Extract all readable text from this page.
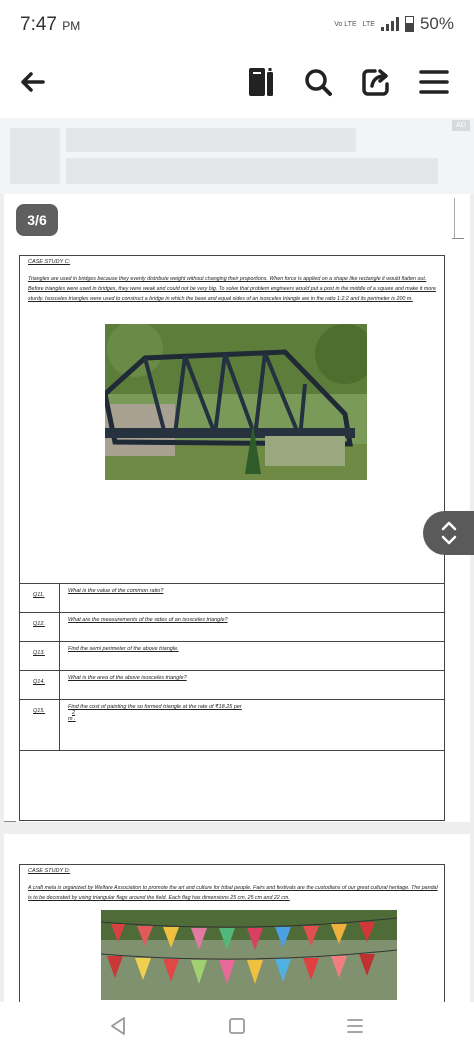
7:47 PM	Vo LTE LTE	50%
AD
3/6
CASE STUDY C:
Triangles are used in bridges because they evenly distribute weight without changing their proportions. When force is applied on a shape like rectangle it would flatten out. Before triangles were used in bridges, they were weak and could not be very big. To solve that problem engineers would put a post in the middle of a square and make it more sturdy. Isosceles triangles were used to construct a bridge in which the base and equal sides of an isosceles triangle are in the ratio 1:2:2 and its perimeter is 200 m.
Q11.
What is the value of the common ratio?
Q12.
What are the measurements of the sides of an isosceles triangle?
Q13.
Find the semi perimeter of the above triangle.
Q14.
What is the area of the above isosceles triangle?
Q15.
Find the cost of painting the so formed triangle at the rate of ₹18.25 per
2
m .
CASE STUDY D:
A craft mela is organized by Welfare Association to promote the art and culture for tribal people. Fairs and festivals are the custodians of our great cultural heritage. The pandal is to be decorated by using triangular flags around the field. Each flag has dimensions 25 cm, 25 cm and 22 cm.
